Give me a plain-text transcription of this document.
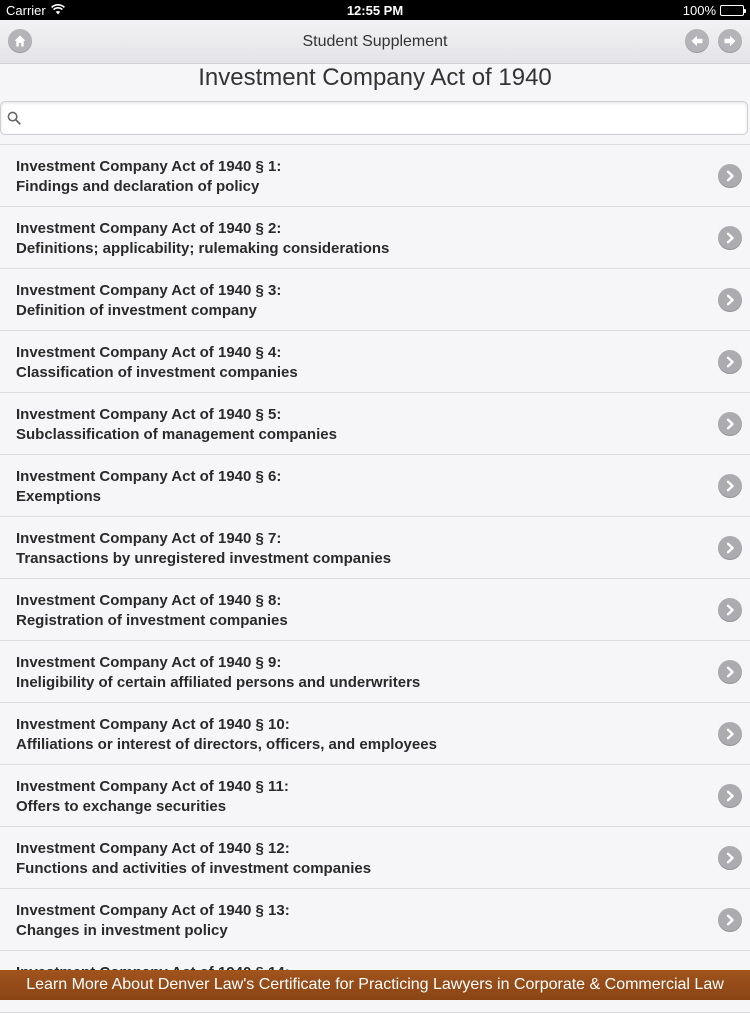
Carrier	12:55 PM	100%
Student Supplement
Investment Company Act of 1940
Investment Company Act of 1940 § 1:
Findings and declaration of policy
Investment Company Act of 1940 § 2:
Definitions; applicability; rulemaking considerations
Investment Company Act of 1940 § 3:
Definition of investment company
Investment Company Act of 1940 § 4:
Classification of investment companies
Investment Company Act of 1940 § 5:
Subclassification of management companies
Investment Company Act of 1940 § 6:
Exemptions
Investment Company Act of 1940 § 7:
Transactions by unregistered investment companies
Investment Company Act of 1940 § 8:
Registration of investment companies
Investment Company Act of 1940 § 9:
Ineligibility of certain affiliated persons and underwriters
Investment Company Act of 1940 § 10:
Affiliations or interest of directors, officers, and employees
Investment Company Act of 1940 § 11:
Offers to exchange securities
Investment Company Act of 1940 § 12:
Functions and activities of investment companies
Investment Company Act of 1940 § 13:
Changes in investment policy
Learn More About Denver Law's Certificate for Practicing Lawyers in Corporate & Commercial Law
